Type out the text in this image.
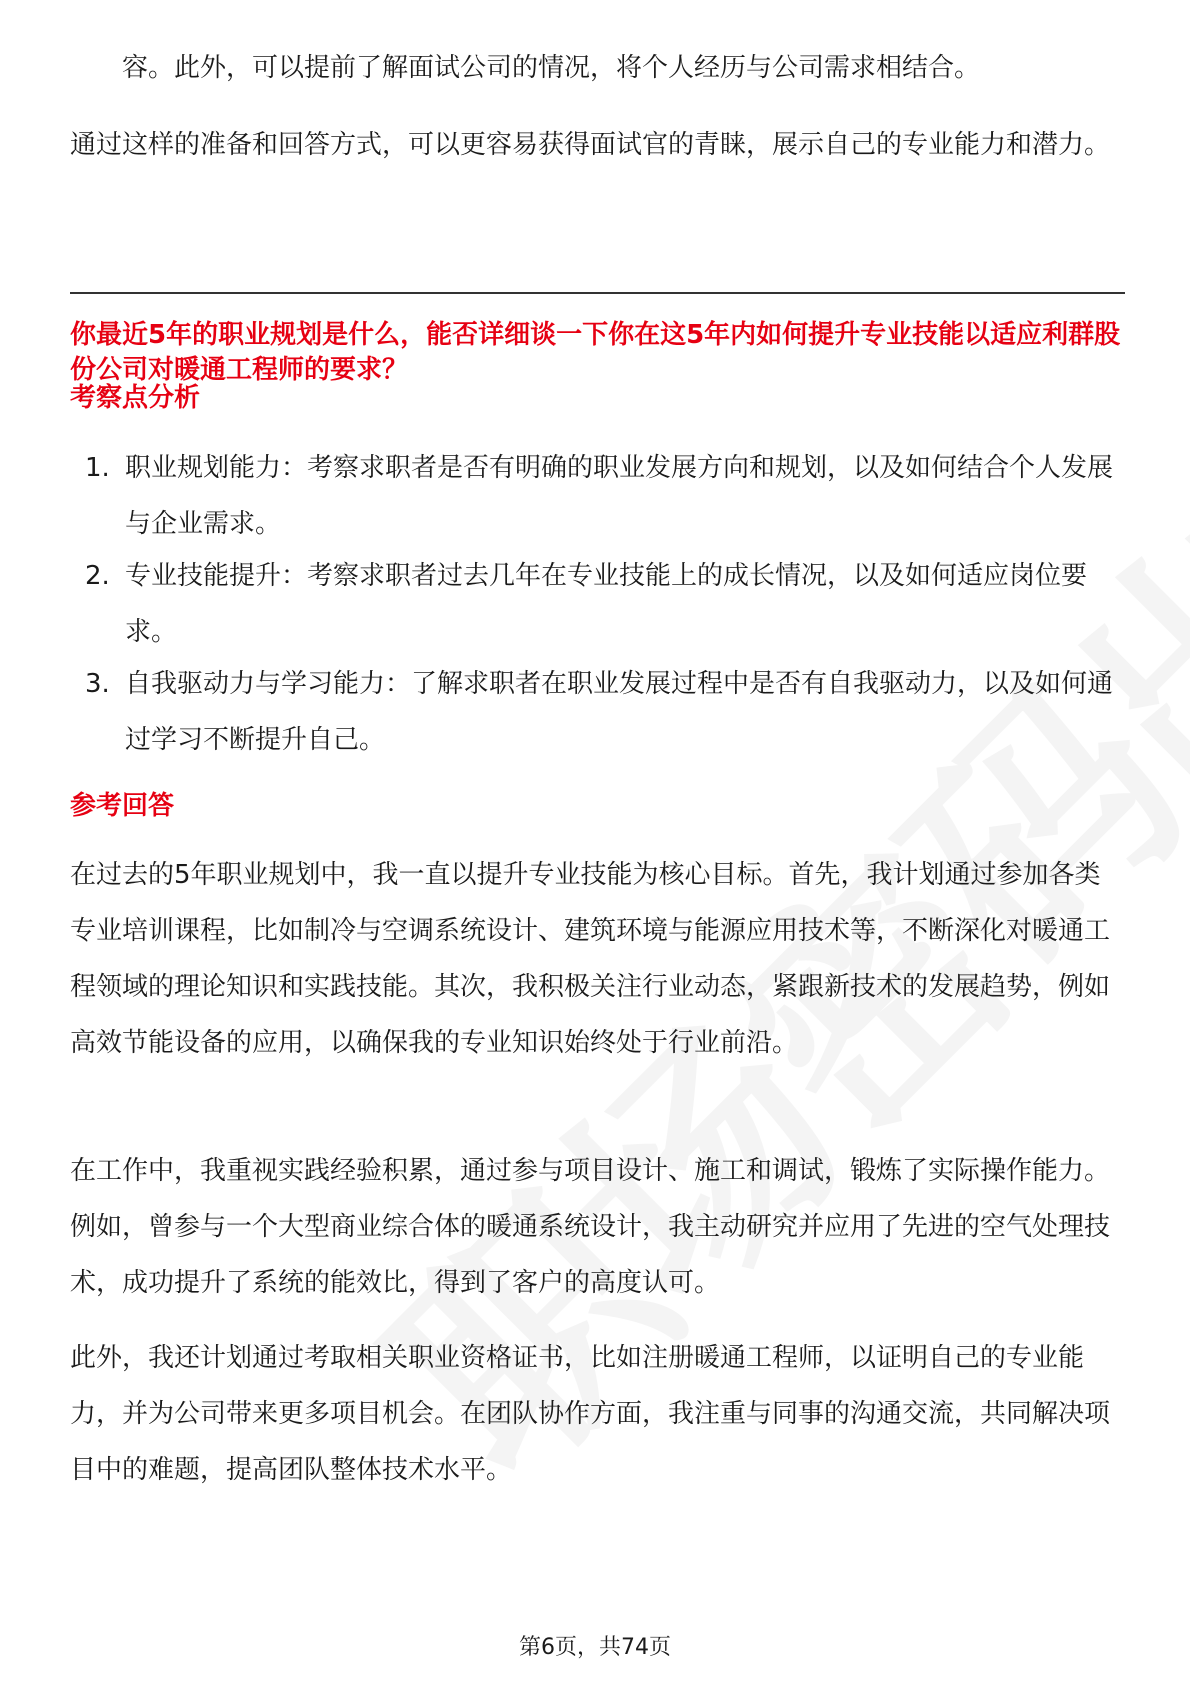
容。此外，可以提前了解面试公司的情况，将个人经历与公司需求相结合。
通过这样的准备和回答方式，可以更容易获得面试官的青睐，展示自己的专业能力和潜力。
你最近5年的职业规划是什么，能否详细谈一下你在这5年内如何提升专业技能以适应利群股份公司对暖通工程师的要求？
考察点分析
1. 职业规划能力：考察求职者是否有明确的职业发展方向和规划，以及如何结合个人发展与企业需求。
2. 专业技能提升：考察求职者过去几年在专业技能上的成长情况，以及如何适应岗位要求。
3. 自我驱动力与学习能力：了解求职者在职业发展过程中是否有自我驱动力，以及如何通过学习不断提升自己。
参考回答
在过去的5年职业规划中，我一直以提升专业技能为核心目标。首先，我计划通过参加各类专业培训课程，比如制冷与空调系统设计、建筑环境与能源应用技术等，不断深化对暖通工程领域的理论知识和实践技能。其次，我积极关注行业动态，紧跟新技术的发展趋势，例如高效节能设备的应用，以确保我的专业知识始终处于行业前沿。
在工作中，我重视实践经验积累，通过参与项目设计、施工和调试，锻炼了实际操作能力。例如，曾参与一个大型商业综合体的暖通系统设计，我主动研究并应用了先进的空气处理技术，成功提升了系统的能效比，得到了客户的高度认可。
此外，我还计划通过考取相关职业资格证书，比如注册暖通工程师，以证明自己的专业能力，并为公司带来更多项目机会。在团队协作方面，我注重与同事的沟通交流，共同解决项目中的难题，提高团队整体技术水平。
第6页，共74页
